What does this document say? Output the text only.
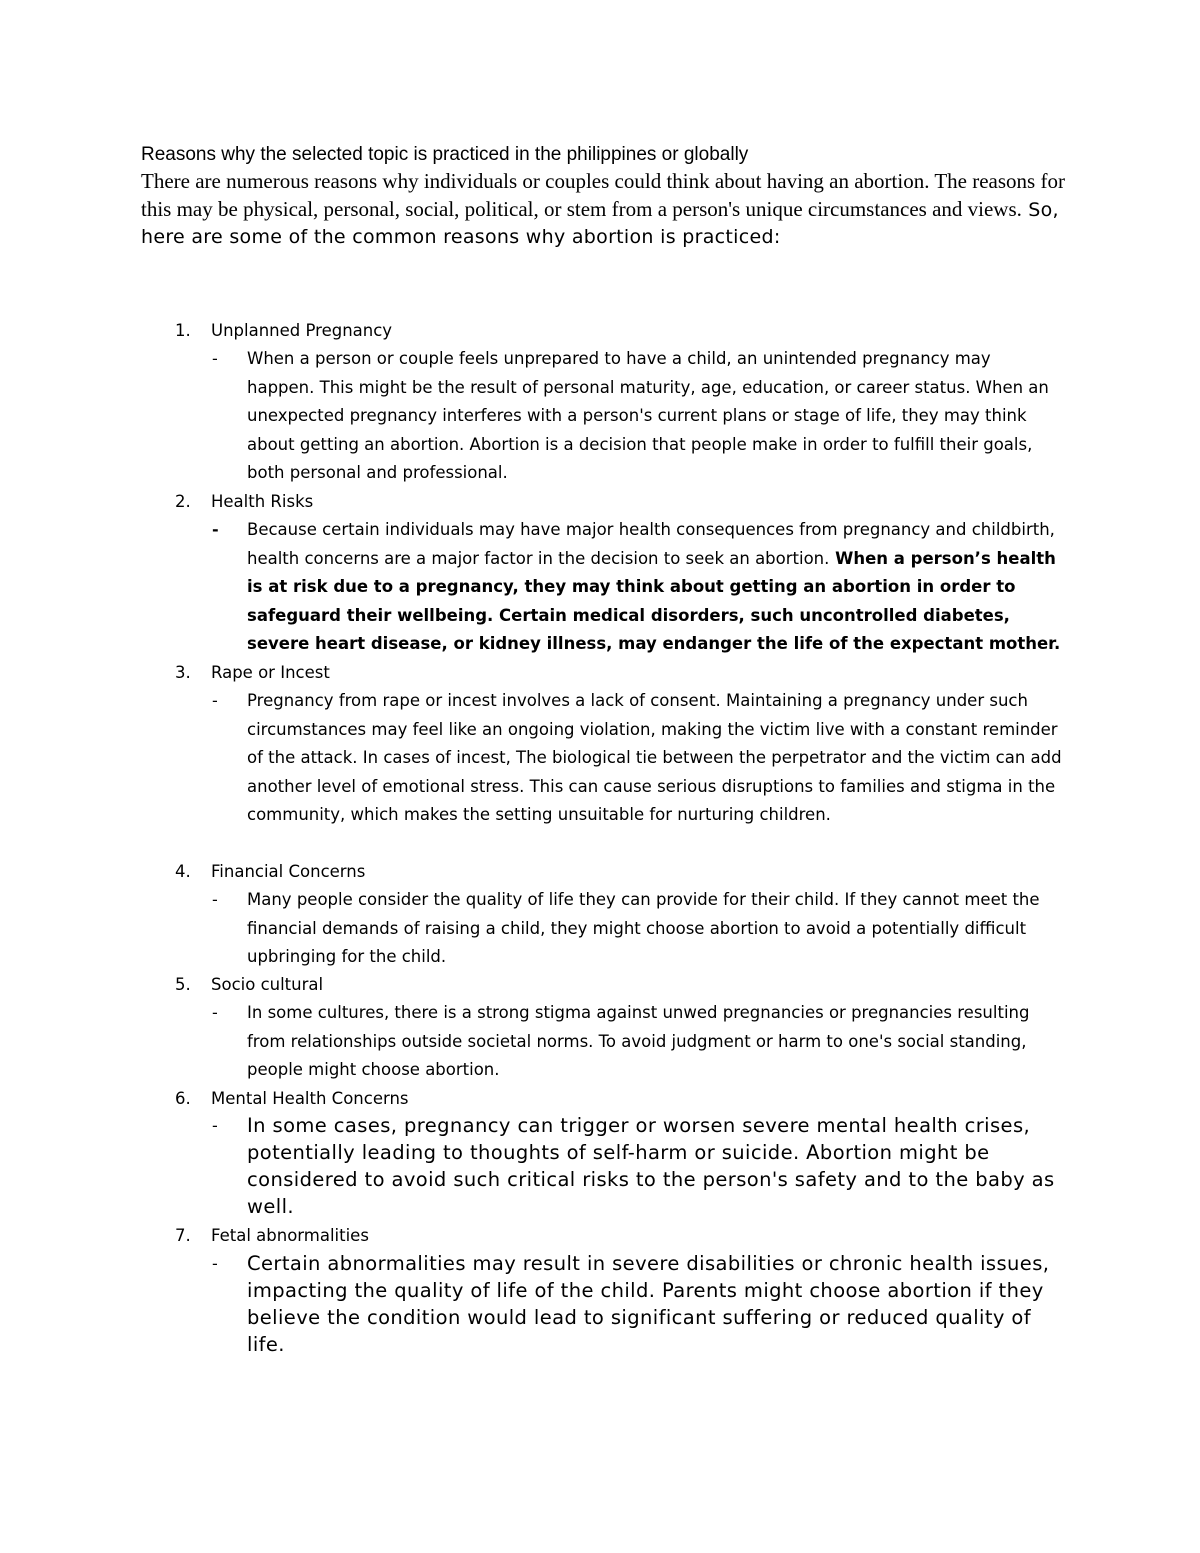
Reasons why the selected topic is practiced in the philippines or globally

There are numerous reasons why individuals or couples could think about having an abortion. The reasons for this may be physical, personal, social, political, or stem from a person's unique circumstances and views. So, here are some of the common reasons why abortion is practiced:

1. Unplanned Pregnancy
- When a person or couple feels unprepared to have a child, an unintended pregnancy may happen. This might be the result of personal maturity, age, education, or career status. When an unexpected pregnancy interferes with a person's current plans or stage of life, they may think about getting an abortion. Abortion is a decision that people make in order to fulfill their goals, both personal and professional.

2. Health Risks
- Because certain individuals may have major health consequences from pregnancy and childbirth, health concerns are a major factor in the decision to seek an abortion. When a person’s health is at risk due to a pregnancy, they may think about getting an abortion in order to safeguard their wellbeing. Certain medical disorders, such uncontrolled diabetes, severe heart disease, or kidney illness, may endanger the life of the expectant mother.

3. Rape or Incest
- Pregnancy from rape or incest involves a lack of consent. Maintaining a pregnancy under such circumstances may feel like an ongoing violation, making the victim live with a constant reminder of the attack. In cases of incest, The biological tie between the perpetrator and the victim can add another level of emotional stress. This can cause serious disruptions to families and stigma in the community, which makes the setting unsuitable for nurturing children.

4. Financial Concerns
- Many people consider the quality of life they can provide for their child. If they cannot meet the financial demands of raising a child, they might choose abortion to avoid a potentially difficult upbringing for the child.

5. Socio cultural
- In some cultures, there is a strong stigma against unwed pregnancies or pregnancies resulting from relationships outside societal norms. To avoid judgment or harm to one's social standing, people might choose abortion.

6. Mental Health Concerns
- In some cases, pregnancy can trigger or worsen severe mental health crises, potentially leading to thoughts of self-harm or suicide. Abortion might be considered to avoid such critical risks to the person's safety and to the baby as well.

7. Fetal abnormalities
- Certain abnormalities may result in severe disabilities or chronic health issues, impacting the quality of life of the child. Parents might choose abortion if they believe the condition would lead to significant suffering or reduced quality of life.
